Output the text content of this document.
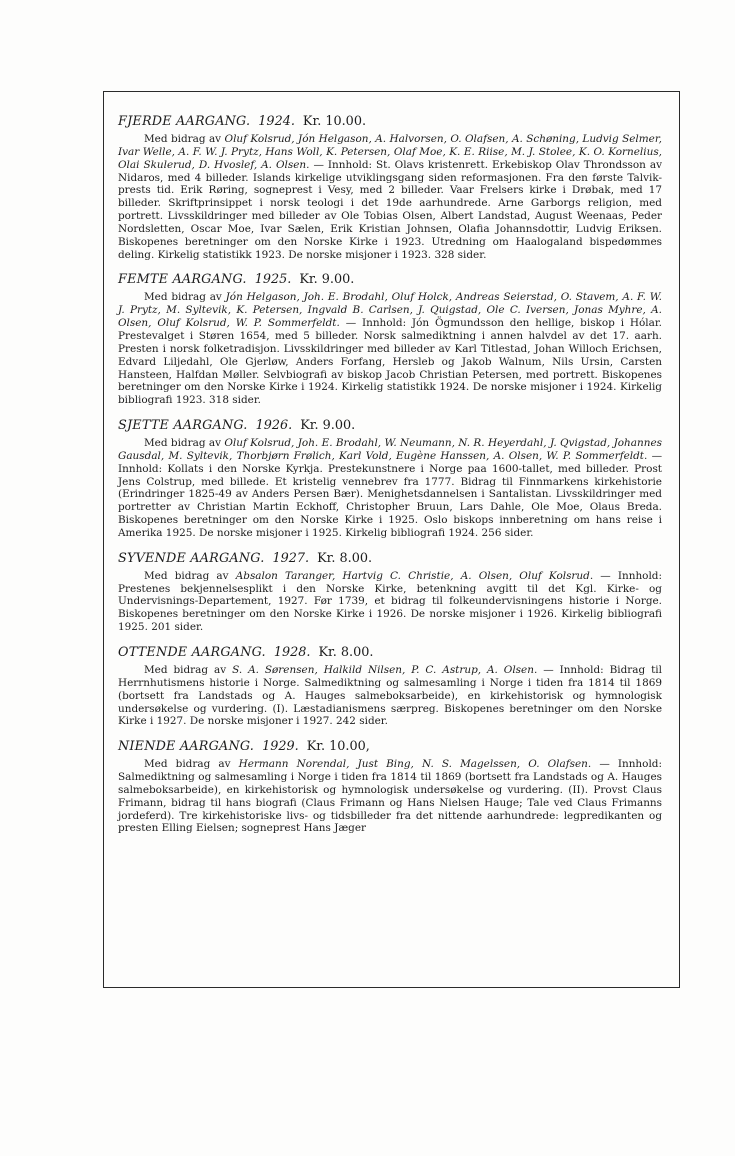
FJERDE AARGANG. 1924. Kr. 10.00.

Med bidrag av Oluf Kolsrud, Jón Helgason, A. Halvorsen, O. Olafsen, A. Schøning, Ludvig Selmer, Ivar Welle, A. F. W. J. Prytz, Hans Woll, K. Petersen, Olaf Moe, K. E. Riise, M. J. Stolee, K. O. Kornelius, Olai Skulerud, D. Hvoslef, A. Olsen. — Innhold: St. Olavs kristenrett. Erkebiskop Olav Throndsson av Nidaros, med 4 billeder. Islands kirkelige utviklingsgang siden reformasjonen. Fra den første Talvik-prests tid. Erik Røring, sogneprest i Vesy, med 2 billeder. Vaar Frelsers kirke i Drøbak, med 17 billeder. Skriftprinsippet i norsk teologi i det 19de aarhundrede. Arne Garborgs religion, med portrett. Livsskildringer med billeder av Ole Tobias Olsen, Albert Landstad, August Weenaas, Peder Nordsletten, Oscar Moe, Ivar Sælen, Erik Kristian Johnsen, Olafia Johannsdottir, Ludvig Eriksen. Biskopenes beretninger om den Norske Kirke i 1923. Utredning om Haalogaland bispedømmes deling. Kirkelig statistikk 1923. De norske misjoner i 1923. 328 sider.

FEMTE AARGANG. 1925. Kr. 9.00.

Med bidrag av Jón Helgason, Joh. E. Brodahl, Oluf Holck, Andreas Seierstad, O. Stavem, A. F. W. J. Prytz, M. Syltevik, K. Petersen, Ingvald B. Carlsen, J. Quigstad, Ole C. Iversen, Jonas Myhre, A. Olsen, Oluf Kolsrud, W. P. Sommerfeldt. — Innhold: Jón Ögmundsson den hellige, biskop i Hólar. Prestevalget i Støren 1654, med 5 billeder. Norsk salmediktning i annen halvdel av det 17. aarh. Presten i norsk folketradisjon. Livsskildringer med billeder av Karl Titlestad, Johan Willoch Erichsen, Edvard Liljedahl, Ole Gjerløw, Anders Forfang, Hersleb og Jakob Walnum, Nils Ursin, Carsten Hansteen, Halfdan Møller. Selvbiografi av biskop Jacob Christian Petersen, med portrett. Biskopenes beretninger om den Norske Kirke i 1924. Kirkelig statistikk 1924. De norske misjoner i 1924. Kirkelig bibliografi 1923. 318 sider.

SJETTE AARGANG. 1926. Kr. 9.00.

Med bidrag av Oluf Kolsrud, Joh. E. Brodahl, W. Neumann, N. R. Heyerdahl, J. Qvigstad, Johannes Gausdal, M. Syltevik, Thorbjørn Frølich, Karl Vold, Eugène Hanssen, A. Olsen, W. P. Sommerfeldt. — Innhold: Kollats i den Norske Kyrkja. Prestekunstnere i Norge paa 1600-tallet, med billeder. Prost Jens Colstrup, med billede. Et kristelig vennebrev fra 1777. Bidrag til Finnmarkens kirkehistorie (Erindringer 1825-49 av Anders Persen Bær). Menighetsdannelsen i Santalistan. Livsskildringer med portretter av Christian Martin Eckhoff, Christopher Bruun, Lars Dahle, Ole Moe, Olaus Breda. Biskopenes beretninger om den Norske Kirke i 1925. Oslo biskops innberetning om hans reise i Amerika 1925. De norske misjoner i 1925. Kirkelig bibliografi 1924. 256 sider.

SYVENDE AARGANG. 1927. Kr. 8.00.

Med bidrag av Absalon Taranger, Hartvig C. Christie, A. Olsen, Oluf Kolsrud. — Innhold: Prestenes bekjennelsesplikt i den Norske Kirke, betenkning avgitt til det Kgl. Kirke- og Undervisnings-Departement, 1927. Før 1739, et bidrag til folkeundervisningens historie i Norge. Biskopenes beretninger om den Norske Kirke i 1926. De norske misjoner i 1926. Kirkelig bibliografi 1925. 201 sider.

OTTENDE AARGANG. 1928. Kr. 8.00.

Med bidrag av S. A. Sørensen, Halkild Nilsen, P. C. Astrup, A. Olsen. — Innhold: Bidrag til Herrnhutismens historie i Norge. Salmediktning og salmesamling i Norge i tiden fra 1814 til 1869 (bortsett fra Landstads og A. Hauges salmeboksarbeide), en kirkehistorisk og hymnologisk undersøkelse og vurdering. (I). Læstadianismens særpreg. Biskopenes beretninger om den Norske Kirke i 1927. De norske misjoner i 1927. 242 sider.

NIENDE AARGANG. 1929. Kr. 10.00,

Med bidrag av Hermann Norendal, Just Bing, N. S. Magelssen, O. Olafsen. — Innhold: Salmediktning og salmesamling i Norge i tiden fra 1814 til 1869 (bortsett fra Landstads og A. Hauges salmeboksarbeide), en kirkehistorisk og hymnologisk undersøkelse og vurdering. (II). Provst Claus Frimann, bidrag til hans biografi (Claus Frimann og Hans Nielsen Hauge; Tale ved Claus Frimanns jordeferd). Tre kirkehistoriske livs- og tidsbilleder fra det nittende aarhundrede: legpredikanten og presten Elling Eielsen; sogneprest Hans Jæger
